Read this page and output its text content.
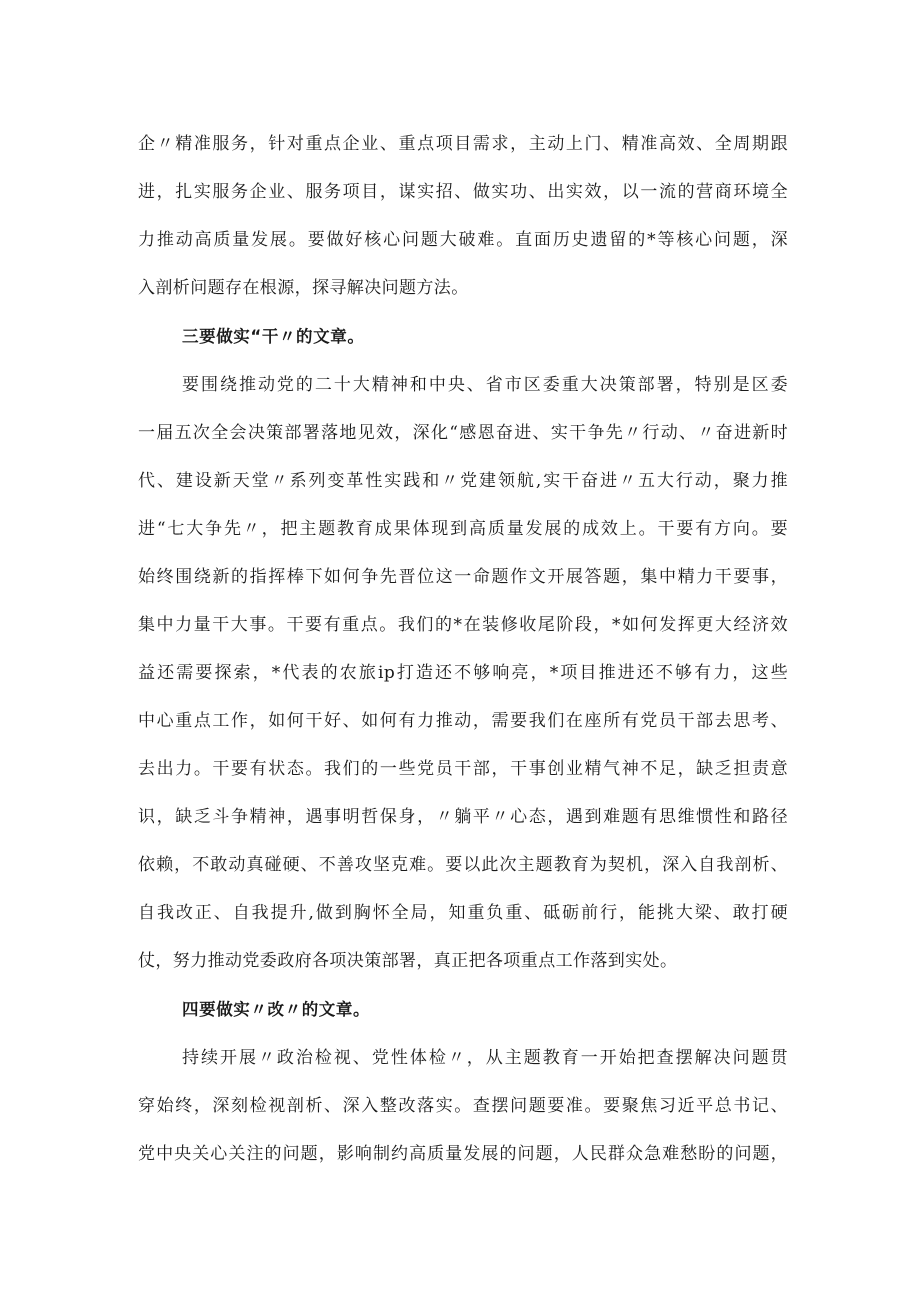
企〃精准服务，针对重点企业、重点项目需求，主动上门、精准高效、全周期跟
进，扎实服务企业、服务项目，谋实招、做实功、出实效，以一流的营商环境全
力推动高质量发展。要做好核心问题大破难。直面历史遗留的*等核心问题，深
入剖析问题存在根源，探寻解决问题方法。
三要做实“干〃的文章。
要围绕推动党的二十大精神和中央、省市区委重大决策部署，特别是区委
一届五次全会决策部署落地见效，深化“感恩奋进、实干争先〃行动、〃奋进新时
代、建设新天堂〃系列变革性实践和〃党建领航,实干奋进〃五大行动，聚力推
进“七大争先〃，把主题教育成果体现到高质量发展的成效上。干要有方向。要
始终围绕新的指挥棒下如何争先晋位这一命题作文开展答题，集中精力干要事，
集中力量干大事。干要有重点。我们的*在装修收尾阶段，*如何发挥更大经济效
益还需要探索，*代表的农旅ip打造还不够响亮，*项目推进还不够有力，这些
中心重点工作，如何干好、如何有力推动，需要我们在座所有党员干部去思考、
去出力。干要有状态。我们的一些党员干部，干事创业精气神不足，缺乏担责意
识，缺乏斗争精神，遇事明哲保身，〃躺平〃心态，遇到难题有思维惯性和路径
依赖，不敢动真碰硬、不善攻坚克难。要以此次主题教育为契机，深入自我剖析、
自我改正、自我提升,做到胸怀全局，知重负重、砥砺前行，能挑大梁、敢打硬
仗，努力推动党委政府各项决策部署，真正把各项重点工作落到实处。
四要做实〃改〃的文章。
持续开展〃政治检视、党性体检〃，从主题教育一开始把查摆解决问题贯
穿始终，深刻检视剖析、深入整改落实。查摆问题要准。要聚焦习近平总书记、
党中央关心关注的问题，影响制约高质量发展的问题，人民群众急难愁盼的问题，
